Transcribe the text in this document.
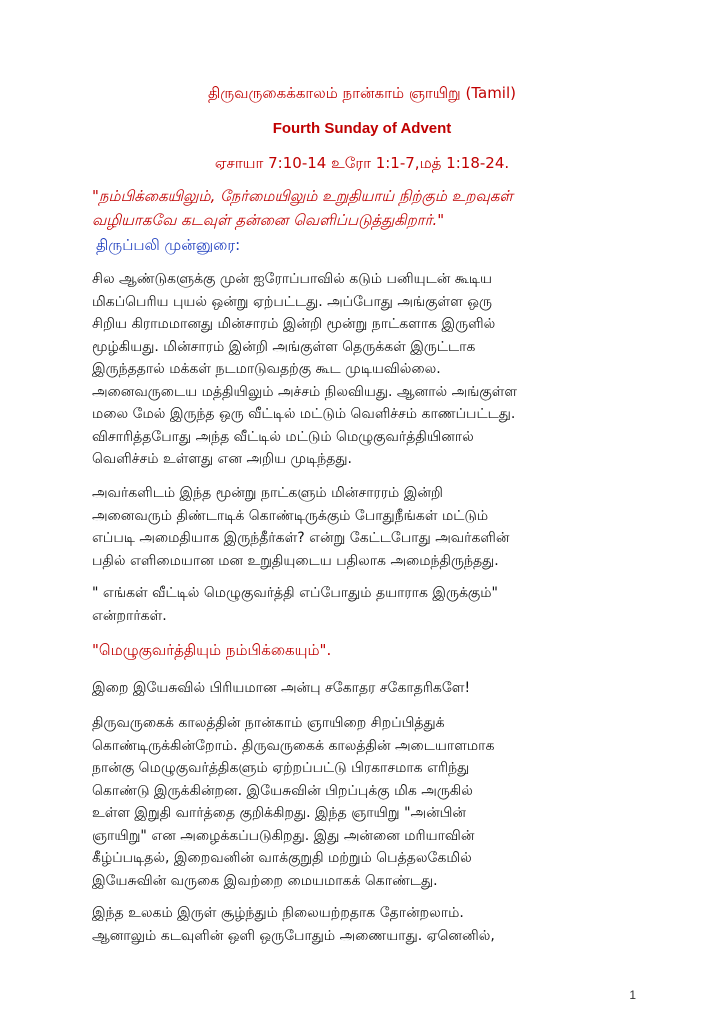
திருவருகைக்காலம் நான்காம் ஞாயிறு (Tamil)
Fourth Sunday of Advent
ஏசாயா 7:10-14 உரோ 1:1-7,மத் 1:18-24.
"நம்பிக்கையிலும், நேர்மையிலும் உறுதியாய் நிற்கும் உறவுகள்
வழியாகவே கடவுள் தன்னை வெளிப்படுத்துகிறார்."
திருப்பலி முன்னுரை:

சில ஆண்டுகளுக்கு முன் ஐரோப்பாவில் கடும் பனியுடன் கூடிய
மிகப்பெரிய புயல் ஒன்று ஏற்பட்டது. அப்போது அங்குள்ள ஒரு
சிறிய கிராமமானது மின்சாரம் இன்றி மூன்று நாட்களாக இருளில்
மூழ்கியது. மின்சாரம் இன்றி அங்குள்ள தெருக்கள் இருட்டாக
இருந்ததால் மக்கள் நடமாடுவதற்கு கூட முடியவில்லை.
அனைவருடைய மத்தியிலும் அச்சம் நிலவியது. ஆனால் அங்குள்ள
மலை மேல் இருந்த ஒரு வீட்டில் மட்டும் வெளிச்சம் காணப்பட்டது.
விசாரித்தபோது அந்த வீட்டில் மட்டும் மெழுகுவர்த்தியினால்
வெளிச்சம் உள்ளது என அறிய முடிந்தது.

அவர்களிடம் இந்த மூன்று நாட்களும் மின்சாரரம் இன்றி
அனைவரும் திண்டாடிக் கொண்டிருக்கும் போதுநீங்கள் மட்டும்
எப்படி அமைதியாக இருந்தீர்கள்? என்று கேட்டபோது அவர்களின்
பதில் எளிமையான மன உறுதியுடைய பதிலாக அமைந்திருந்தது.

" எங்கள் வீட்டில் மெழுகுவர்த்தி எப்போதும் தயாராக இருக்கும்"
என்றார்கள்.

"மெழுகுவர்த்தியும் நம்பிக்கையும்".

இறை இயேசுவில் பிரியமான அன்பு சகோதர சகோதரிகளே!

திருவருகைக் காலத்தின் நான்காம் ஞாயிறை சிறப்பித்துக்
கொண்டிருக்கின்றோம். திருவருகைக் காலத்தின் அடையாளமாக
நான்கு மெழுகுவர்த்திகளும் ஏற்றப்பட்டு பிரகாசமாக எரிந்து
கொண்டு இருக்கின்றன. இயேசுவின் பிறப்புக்கு மிக அருகில்
உள்ள இறுதி வார்த்தை குறிக்கிறது. இந்த ஞாயிறு "அன்பின்
ஞாயிறு" என அழைக்கப்படுகிறது. இது அன்னை மரியாவின்
கீழ்ப்படிதல், இறைவனின் வாக்குறுதி மற்றும் பெத்தலகேமில்
இயேசுவின் வருகை இவற்றை மையமாகக் கொண்டது.

இந்த உலகம் இருள் சூழ்ந்தும் நிலையற்றதாக தோன்றலாம்.
ஆனாலும் கடவுளின் ஒளி ஒருபோதும் அணையாது. ஏனெனில்,

1
